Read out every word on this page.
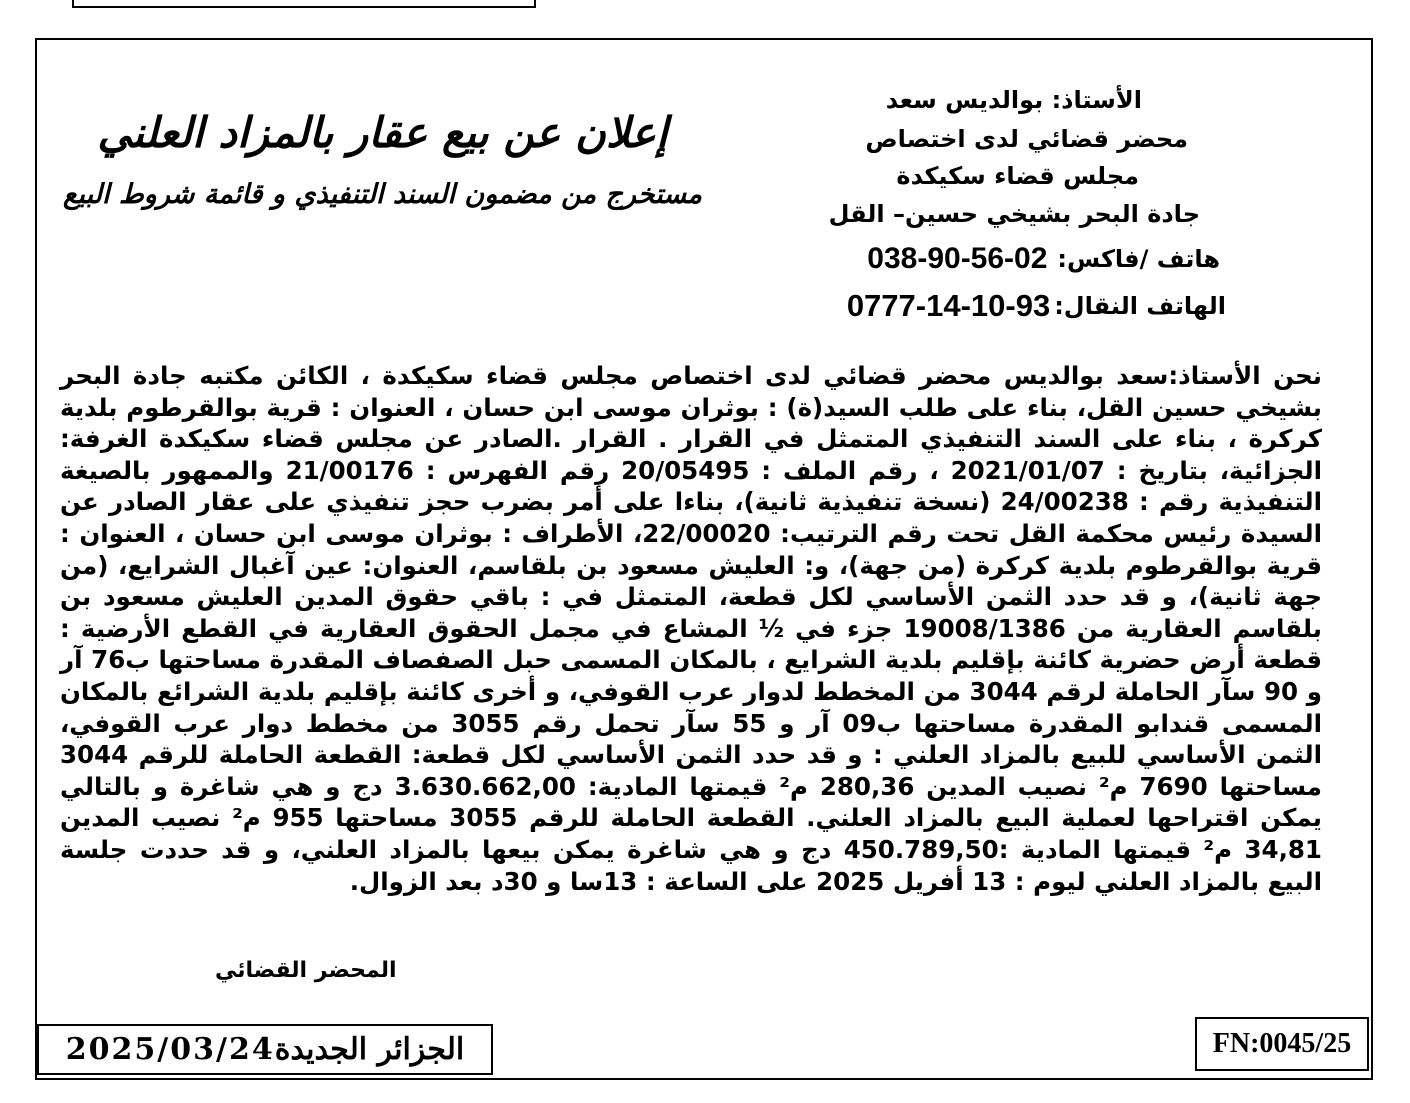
الأستاذ: بوالديس سعد
محضر قضائي لدى اختصاص
مجلس قضاء سكيكدة
جادة البحر بشيخي حسين– القل
هاتف /فاكس:
038-90-56-02
الهاتف النقال:
0777-14-10-93
إعلان عن بيع عقار بالمزاد العلني
مستخرج من مضمون السند التنفيذي و قائمة شروط البيع
نحن الأستاذ:سعد بوالديس محضر قضائي لدى اختصاص مجلس قضاء سكيكدة ، الكائن مكتبه جادة البحر بشيخي حسين القل، بناء على طلب السيد(ة) : بوثران موسى ابن حسان ، العنوان : قرية بوالقرطوم بلدية كركرة ، بناء على السند التنفيذي المتمثل في القرار . القرار .الصادر عن مجلس قضاء سكيكدة الغرفة: الجزائية، بتاريخ : 2021/01/07 ، رقم الملف : 20/05495 رقم الفهرس : 21/00176 والممهور بالصيغة التنفيذية رقم : 24/00238 (نسخة تنفيذية ثانية)، بناءا على أمر بضرب حجز تنفيذي على عقار الصادر عن السيدة رئيس محكمة القل تحت رقم الترتيب: 22/00020، الأطراف : بوثران موسى ابن حسان ، العنوان : قرية بوالقرطوم بلدية كركرة (من جهة)، و: العليش مسعود بن بلقاسم، العنوان: عين آغبال الشرايع، (من جهة ثانية)، و قد حدد الثمن الأساسي لكل قطعة، المتمثل في : باقي حقوق المدين العليش مسعود بن بلقاسم العقارية من 19008/1386 جزء في ½ المشاع في مجمل الحقوق العقارية في القطع الأرضية : قطعة أرض حضرية كائنة بإقليم بلدية الشرايع ، بالمكان المسمى حبل الصفصاف المقدرة مساحتها ب76 آر و 90 سآر الحاملة لرقم 3044 من المخطط لدوار عرب القوفي، و أخرى كائنة بإقليم بلدية الشرائع بالمكان المسمى قندابو المقدرة مساحتها ب09 آر و 55 سآر تحمل رقم 3055 من مخطط دوار عرب القوفي، الثمن الأساسي للبيع بالمزاد العلني : و قد حدد الثمن الأساسي لكل قطعة: القطعة الحاملة للرقم 3044 مساحتها 7690 م² نصيب المدين 280,36 م² قيمتها المادية: 3.630.662,00 دج و هي شاغرة و بالتالي يمكن اقتراحها لعملية البيع بالمزاد العلني. القطعة الحاملة للرقم 3055 مساحتها 955 م² نصيب المدين 34,81 م² قيمتها المادية :450.789,50 دج و هي شاغرة يمكن بيعها بالمزاد العلني، و قد حددت جلسة البيع بالمزاد العلني ليوم : 13 أفريل 2025 على الساعة : 13سا و 30د بعد الزوال.
المحضر القضائي
2025/03/24 الجزائر الجديدة	FN:0045/25
